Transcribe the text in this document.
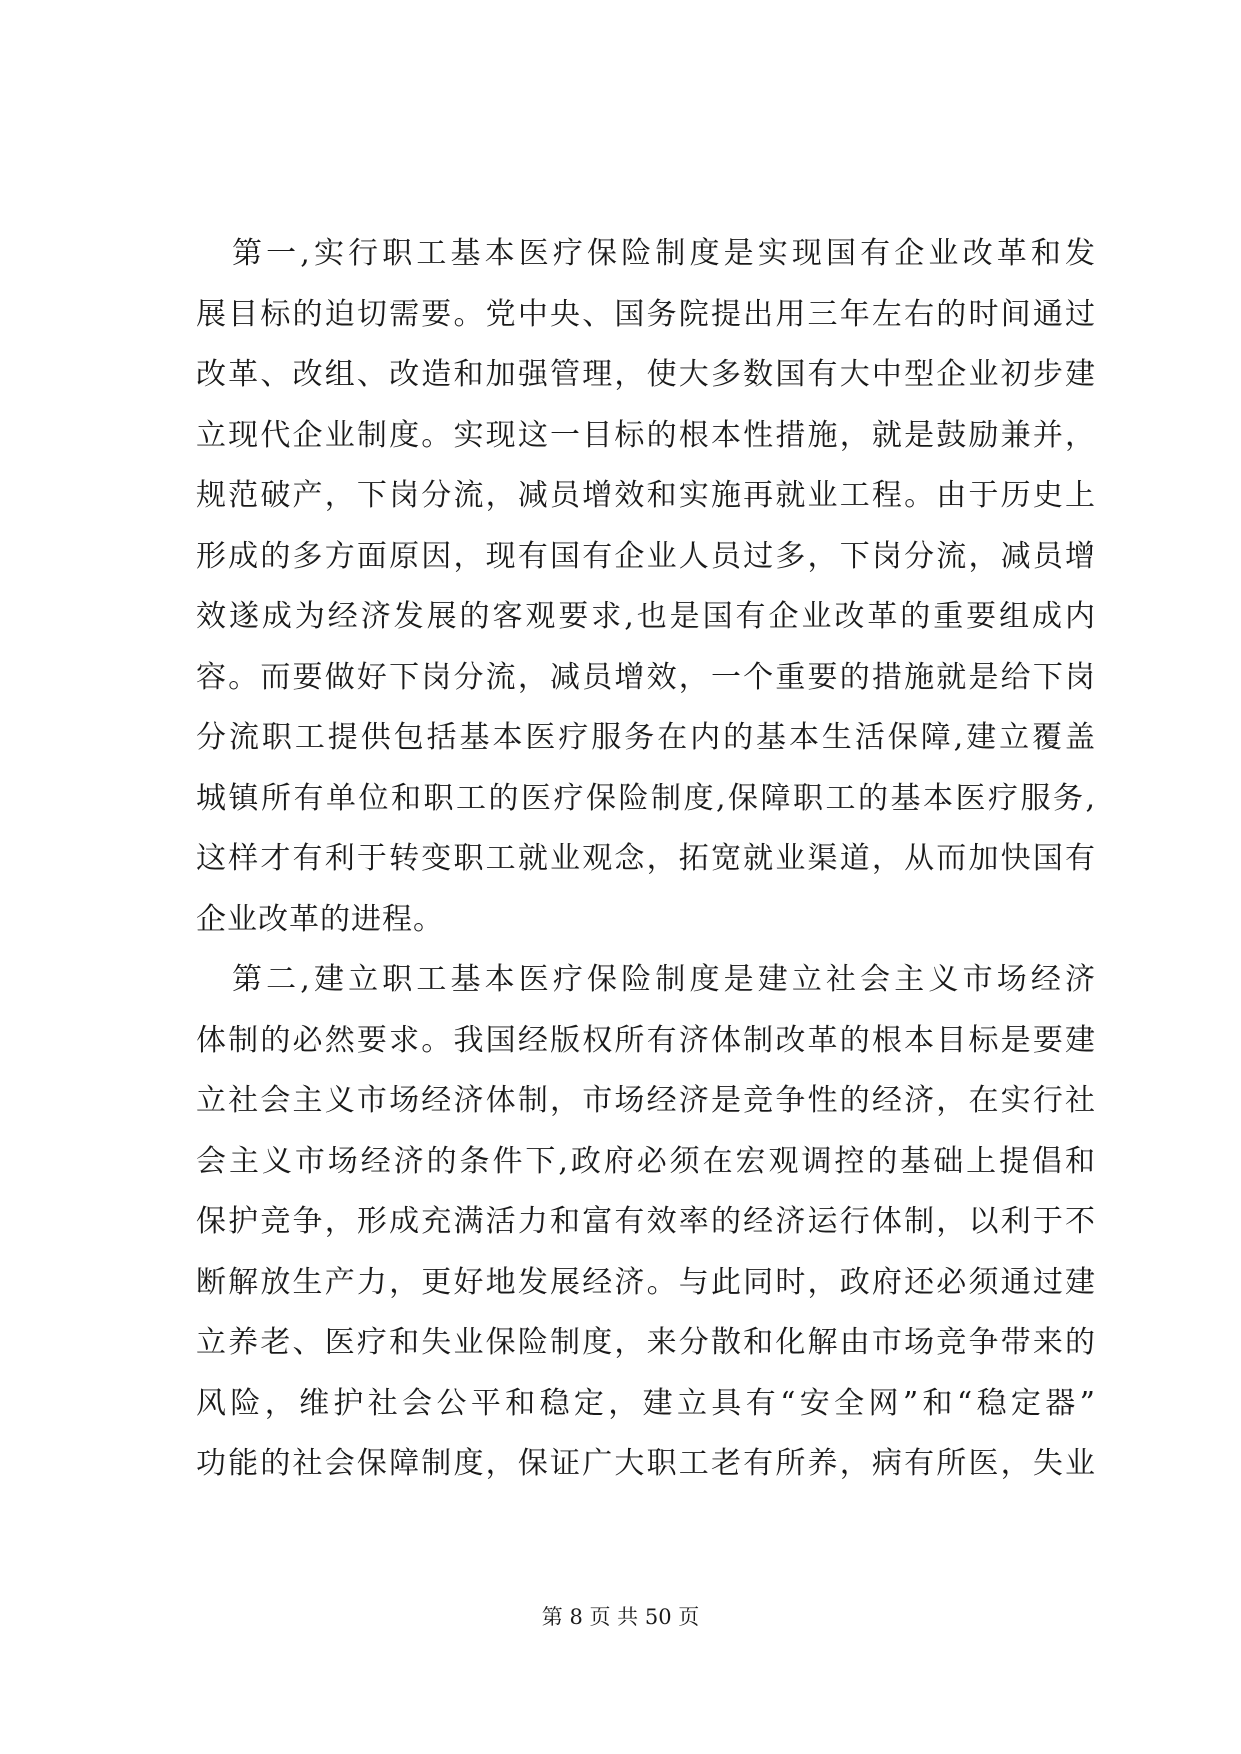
第一,实行职工基本医疗保险制度是实现国有企业改革和发
展目标的迫切需要。党中央、国务院提出用三年左右的时间通过
改革、改组、改造和加强管理，使大多数国有大中型企业初步建
立现代企业制度。实现这一目标的根本性措施，就是鼓励兼并，
规范破产，下岗分流，减员增效和实施再就业工程。由于历史上
形成的多方面原因，现有国有企业人员过多，下岗分流，减员增
效遂成为经济发展的客观要求,也是国有企业改革的重要组成内
容。而要做好下岗分流，减员增效，一个重要的措施就是给下岗
分流职工提供包括基本医疗服务在内的基本生活保障,建立覆盖
城镇所有单位和职工的医疗保险制度,保障职工的基本医疗服务,
这样才有利于转变职工就业观念，拓宽就业渠道，从而加快国有
企业改革的进程。
第二,建立职工基本医疗保险制度是建立社会主义市场经济
体制的必然要求。我国经版权所有济体制改革的根本目标是要建
立社会主义市场经济体制，市场经济是竞争性的经济，在实行社
会主义市场经济的条件下,政府必须在宏观调控的基础上提倡和
保护竞争，形成充满活力和富有效率的经济运行体制，以利于不
断解放生产力，更好地发展经济。与此同时，政府还必须通过建
立养老、医疗和失业保险制度，来分散和化解由市场竞争带来的
风险，维护社会公平和稳定，建立具有“安全网”和“稳定器”
功能的社会保障制度，保证广大职工老有所养，病有所医，失业
第 8 页 共 50 页
